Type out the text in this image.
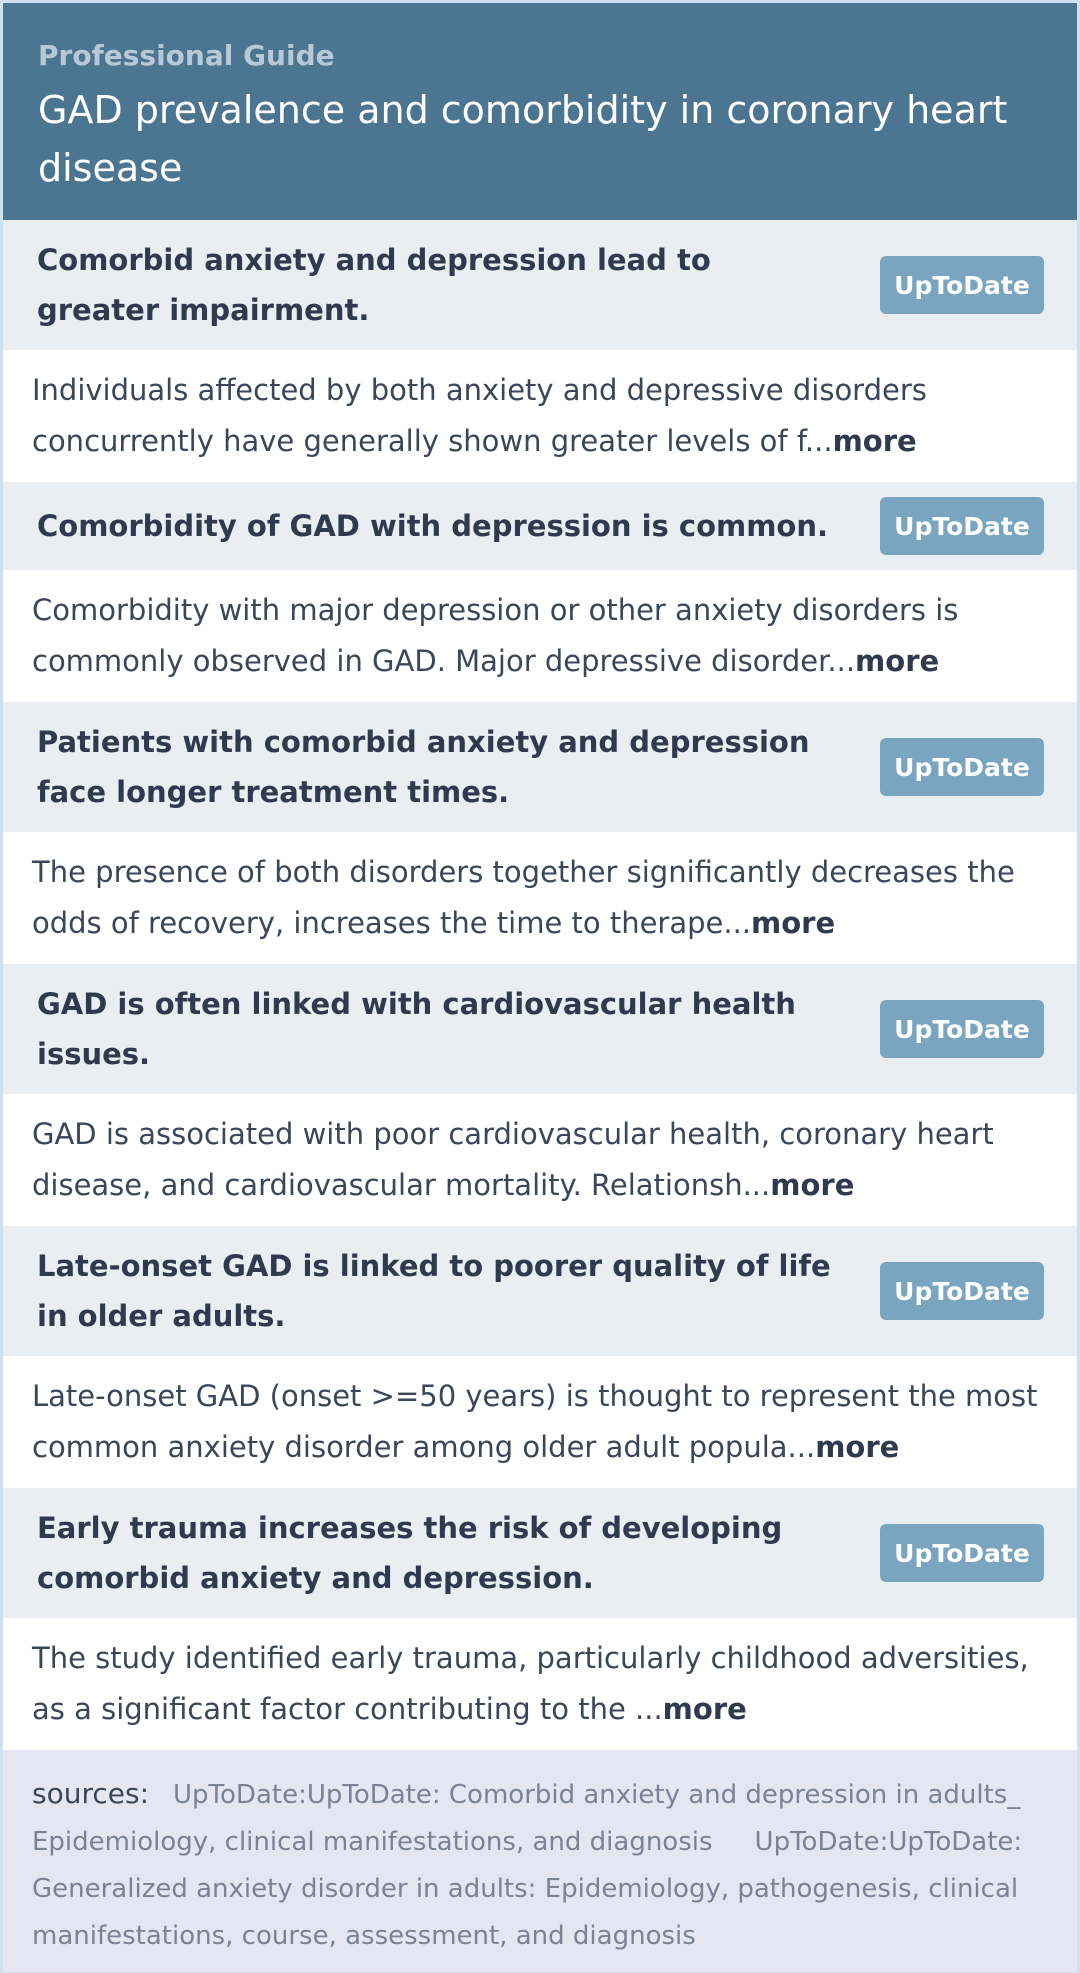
Professional Guide
GAD prevalence and comorbidity in coronary heart disease
Comorbid anxiety and depression lead to greater impairment.
UpToDate
Individuals affected by both anxiety and depressive disorders concurrently have generally shown greater levels of f...more
Comorbidity of GAD with depression is common.	UpToDate
Comorbidity with major depression or other anxiety disorders is commonly observed in GAD. Major depressive disorder...more
Patients with comorbid anxiety and depression face longer treatment times.
UpToDate
The presence of both disorders together significantly decreases the odds of recovery, increases the time to therape...more
GAD is often linked with cardiovascular health issues.
UpToDate
GAD is associated with poor cardiovascular health, coronary heart disease, and cardiovascular mortality. Relationsh...more
Late-onset GAD is linked to poorer quality of life in older adults.
UpToDate
Late-onset GAD (onset >=50 years) is thought to represent the most common anxiety disorder among older adult popula...more
Early trauma increases the risk of developing comorbid anxiety and depression.
UpToDate
The study identified early trauma, particularly childhood adversities, as a significant factor contributing to the ...more
sources: UpToDate:UpToDate: Comorbid anxiety and depression in adults_ Epidemiology, clinical manifestations, and diagnosis UpToDate:UpToDate: Generalized anxiety disorder in adults: Epidemiology, pathogenesis, clinical manifestations, course, assessment, and diagnosis
